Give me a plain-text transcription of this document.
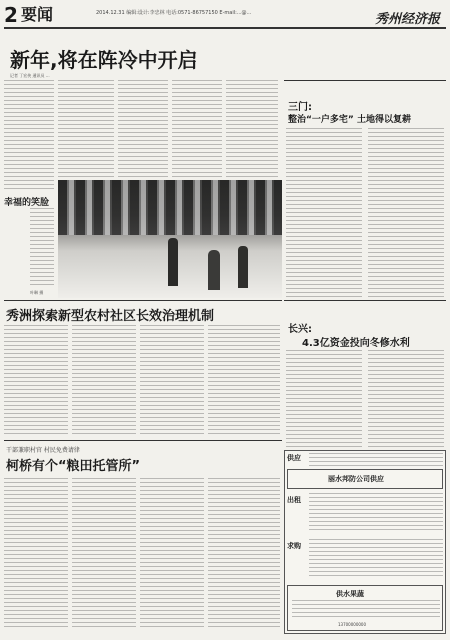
2 要闻	2014.12.31 编辑:设计:李忠林 电话:0571-86757150 E-mail:...@...	秀州经济报
新年,将在阵冷中开启
记者 丁宏侠 通讯员 ...
幸福的笑脸
叶琳 摄
三门:
整治“一户多宅” 土地得以复耕
长兴:
4.3亿资金投向冬修水利
秀洲探索新型农村社区长效治理机制
干部兼职村官 村民免费请律
柯桥有个“粮田托管所”
供应
丽水邦防公司供应
出租
求购
供水果蔬
13700000000
